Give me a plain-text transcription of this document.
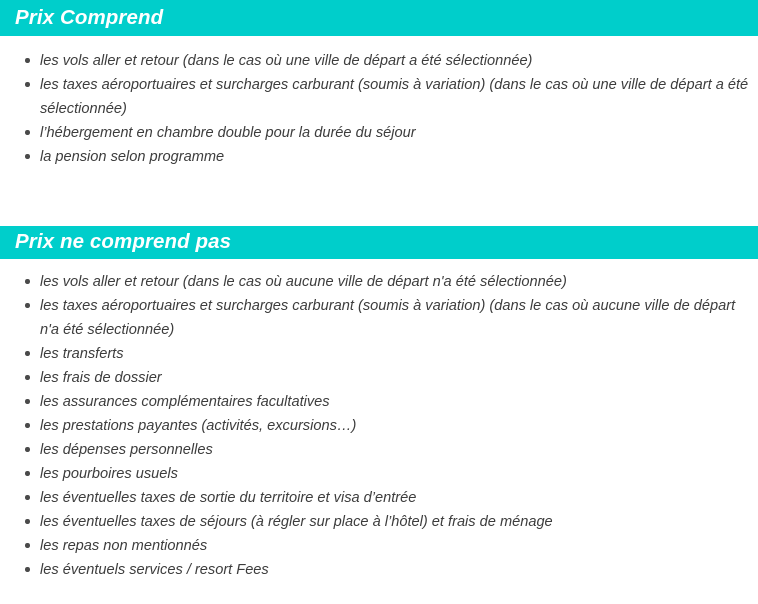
Prix Comprend
les vols aller et retour (dans le cas où une ville de départ a été sélectionnée)
les taxes aéroportuaires et surcharges carburant (soumis à variation) (dans le cas où une ville de départ a été sélectionnée)
l’hébergement en chambre double pour la durée du séjour
la pension selon programme
Prix ne comprend pas
les vols aller et retour (dans le cas où aucune ville de départ n'a été sélectionnée)
les taxes aéroportuaires et surcharges carburant (soumis à variation) (dans le cas où aucune ville de départ n'a été sélectionnée)
les transferts
les frais de dossier
les assurances complémentaires facultatives
les prestations payantes (activités, excursions…)
les dépenses personnelles
les pourboires usuels
les éventuelles taxes de sortie du territoire et visa d’entrée
les éventuelles taxes de séjours (à régler sur place à l’hôtel) et frais de ménage
les repas non mentionnés
les éventuels services / resort Fees
